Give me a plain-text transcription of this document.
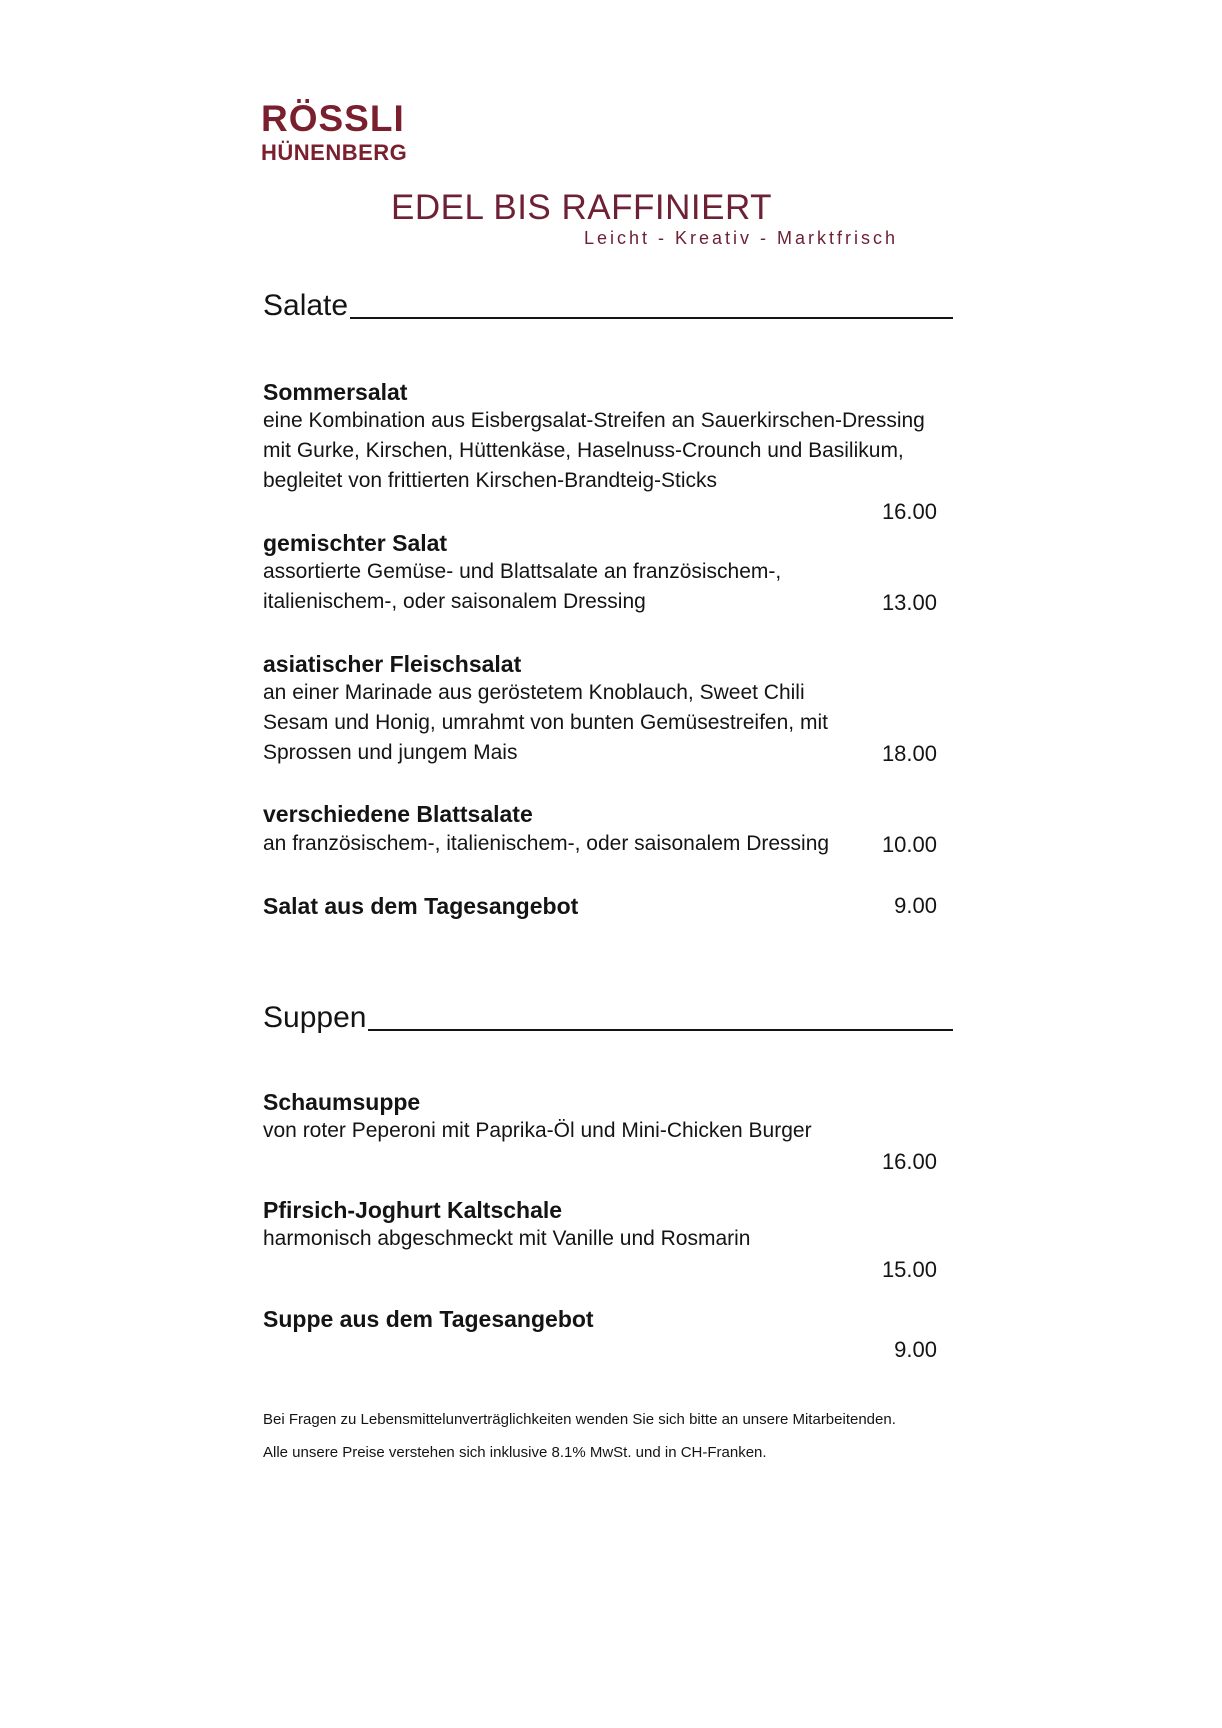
RÖSSLI
HÜNENBERG
EDEL BIS RAFFINIERT
Leicht - Kreativ - Marktfrisch
Salate
Sommersalat
eine Kombination aus Eisbergsalat-Streifen an Sauerkirschen-Dressing
mit Gurke, Kirschen, Hüttenkäse, Haselnuss-Crounch und Basilikum,
begleitet von frittierten Kirschen-Brandteig-Sticks
16.00
gemischter Salat
assortierte Gemüse- und Blattsalate an französischem-,
italienischem-, oder saisonalem Dressing	13.00
asiatischer Fleischsalat
an einer Marinade aus geröstetem Knoblauch, Sweet Chili
Sesam und Honig, umrahmt von bunten Gemüsestreifen, mit
Sprossen und jungem Mais	18.00
verschiedene Blattsalate
an französischem-, italienischem-, oder saisonalem Dressing 10.00
Salat aus dem Tagesangebot	9.00
Suppen
Schaumsuppe
von roter Peperoni mit Paprika-Öl und Mini-Chicken Burger
16.00
Pfirsich-Joghurt Kaltschale
harmonisch abgeschmeckt mit Vanille und Rosmarin
15.00
Suppe aus dem Tagesangebot
9.00
Bei Fragen zu Lebensmittelunverträglichkeiten wenden Sie sich bitte an unsere Mitarbeitenden.
Alle unsere Preise verstehen sich inklusive 8.1% MwSt. und in CH-Franken.
